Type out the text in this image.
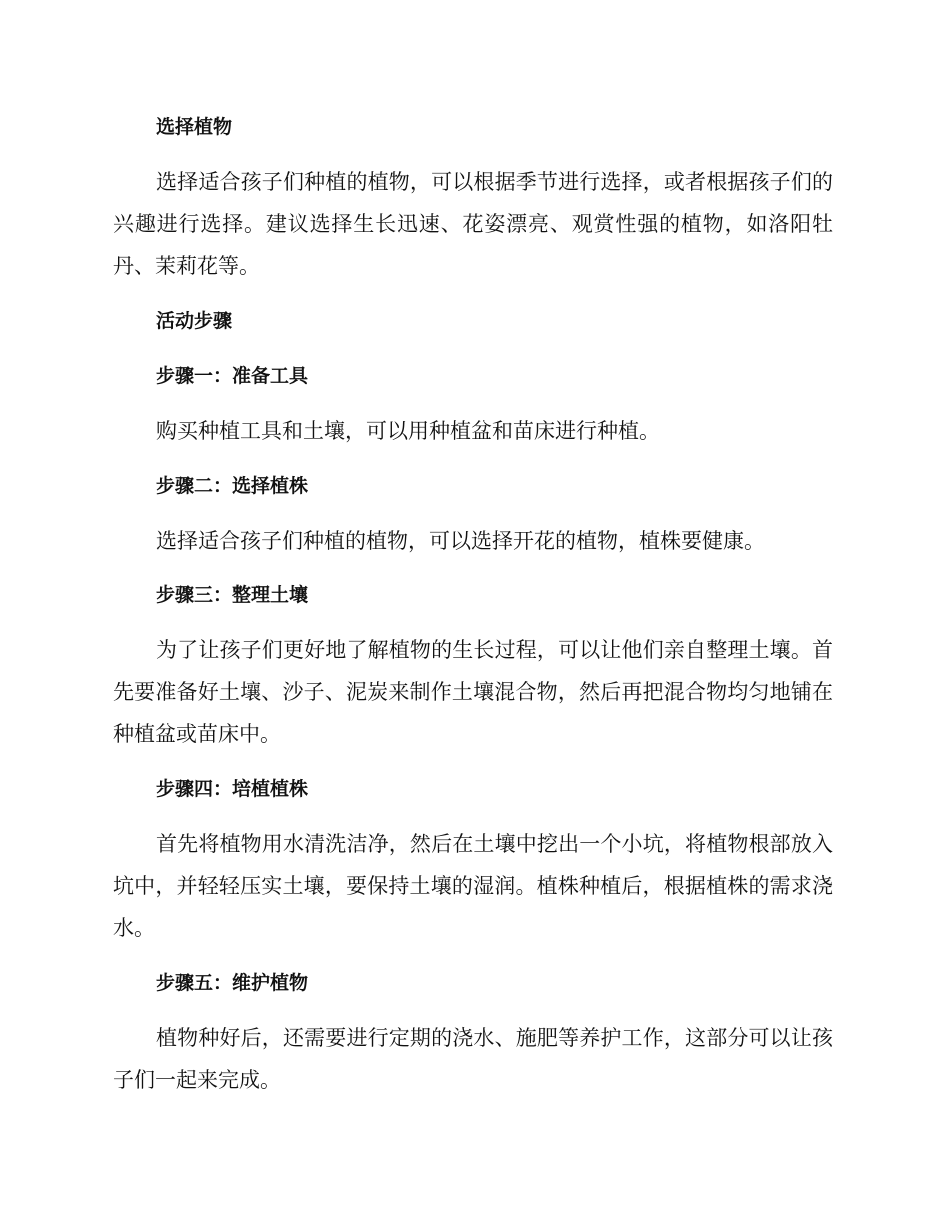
选择植物

选择适合孩子们种植的植物，可以根据季节进行选择，或者根据孩子们的兴趣进行选择。建议选择生长迅速、花姿漂亮、观赏性强的植物，如洛阳牡丹、茉莉花等。

活动步骤
步骤一：准备工具

购买种植工具和土壤，可以用种植盆和苗床进行种植。

步骤二：选择植株

选择适合孩子们种植的植物，可以选择开花的植物，植株要健康。

步骤三：整理土壤

为了让孩子们更好地了解植物的生长过程，可以让他们亲自整理土壤。首先要准备好土壤、沙子、泥炭来制作土壤混合物，然后再把混合物均匀地铺在种植盆或苗床中。

步骤四：培植植株

首先将植物用水清洗洁净，然后在土壤中挖出一个小坑，将植物根部放入坑中，并轻轻压实土壤，要保持土壤的湿润。植株种植后，根据植株的需求浇水。

步骤五：维护植物

植物种好后，还需要进行定期的浇水、施肥等养护工作，这部分可以让孩子们一起来完成。
